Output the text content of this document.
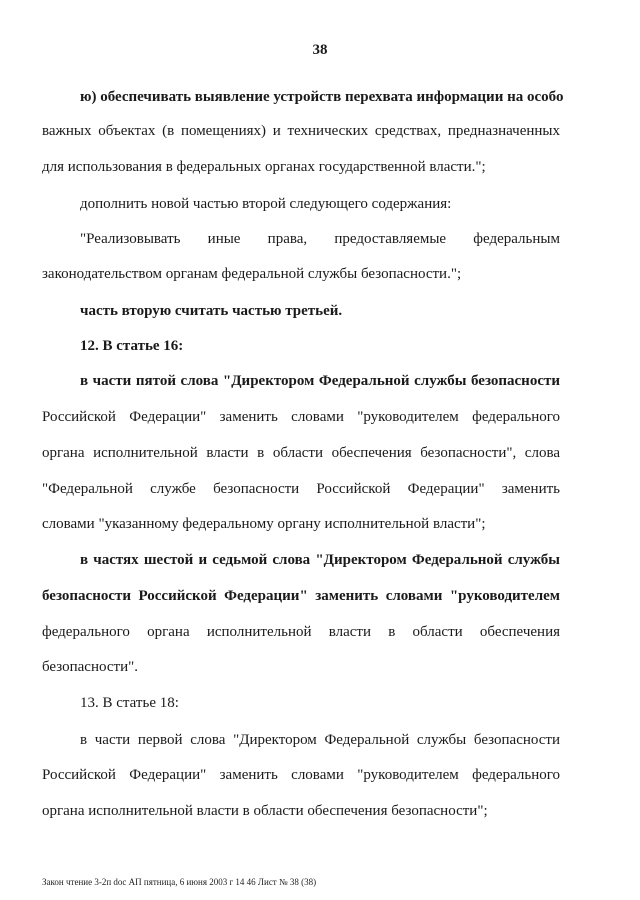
38
ю) обеспечивать выявление устройств перехвата информации на особо
важных объектах (в помещениях) и технических средствах, предназначенных
для использования в федеральных органах государственной власти.";
дополнить новой частью второй следующего содержания:
"Реализовывать иные права, предоставляемые федеральным
законодательством органам федеральной службы безопасности.";
часть вторую считать частью третьей.
12. В статье 16:
в части пятой слова "Директором Федеральной службы безопасности
Российской Федерации" заменить словами "руководителем федерального
органа исполнительной власти в области обеспечения безопасности", слова
"Федеральной службе безопасности Российской Федерации" заменить
словами "указанному федеральному органу исполнительной власти";
в частях шестой и седьмой слова "Директором Федеральной службы
безопасности Российской Федерации" заменить словами "руководителем
федерального органа исполнительной власти в области обеспечения
безопасности".
13. В статье 18:
в части первой слова "Директором Федеральной службы безопасности
Российской Федерации" заменить словами "руководителем федерального
органа исполнительной власти в области обеспечения безопасности";
Закон чтение 3-2п doc АП пятница, 6 июня 2003 г 14 46 Лист № 38 (38)
